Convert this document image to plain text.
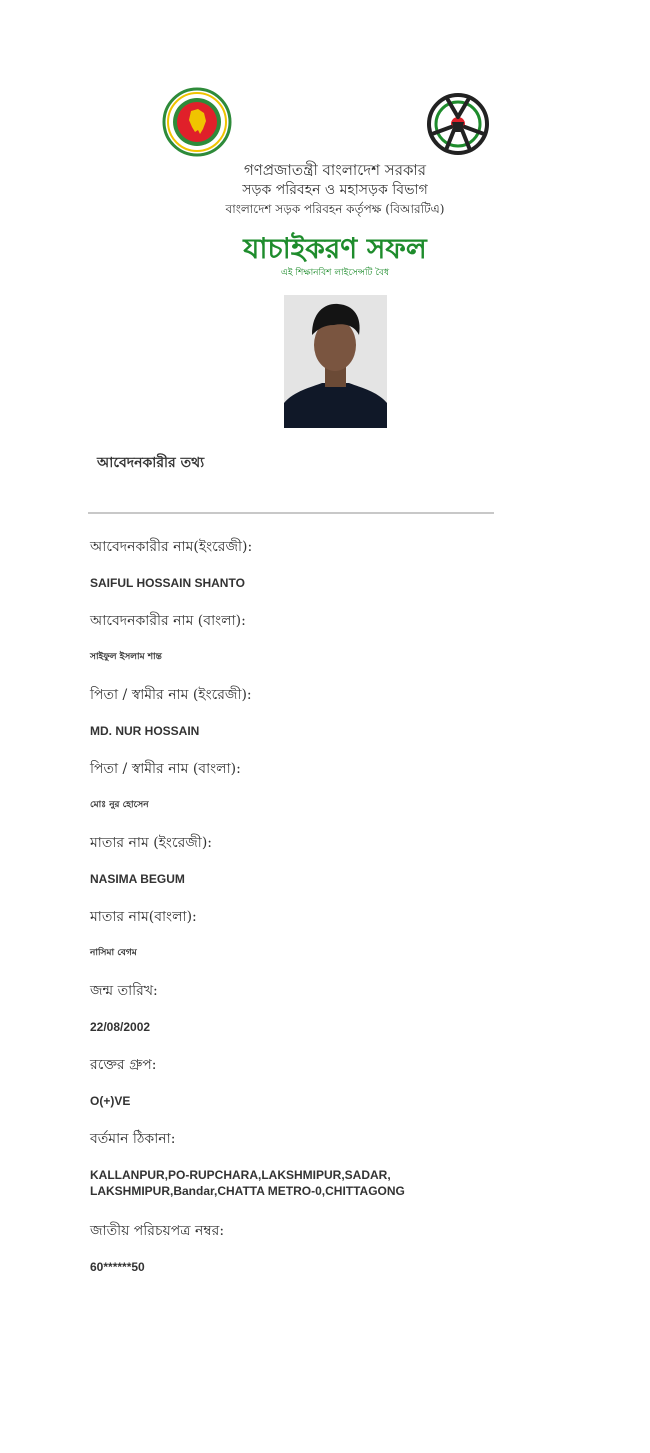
গণপ্রজাতন্ত্রী বাংলাদেশ সরকার
সড়ক পরিবহন ও মহাসড়ক বিভাগ
বাংলাদেশ সড়ক পরিবহন কর্তৃপক্ষ (বিআরটিএ)
যাচাইকরণ সফল
এই শিক্ষানবিশ লাইসেন্সটি বৈধ
আবেদনকারীর তথ্য
আবেদনকারীর নাম(ইংরেজী):
SAIFUL HOSSAIN SHANTO
আবেদনকারীর নাম (বাংলা):
সাইফুল ইসলাম শান্ত
পিতা / স্বামীর নাম (ইংরেজী):
MD. NUR HOSSAIN
পিতা / স্বামীর নাম (বাংলা):
মোঃ নুর হোসেন
মাতার নাম (ইংরেজী):
NASIMA BEGUM
মাতার নাম(বাংলা):
নাসিমা বেগম
জন্ম তারিখ:
22/08/2002
রক্তের গ্রুপ:
O(+)VE
বর্তমান ঠিকানা:
KALLANPUR,PO-RUPCHARA,LAKSHMIPUR,SADAR, LAKSHMIPUR,Bandar,CHATTA METRO-0,CHITTAGONG
জাতীয় পরিচয়পত্র নম্বর:
60******50
